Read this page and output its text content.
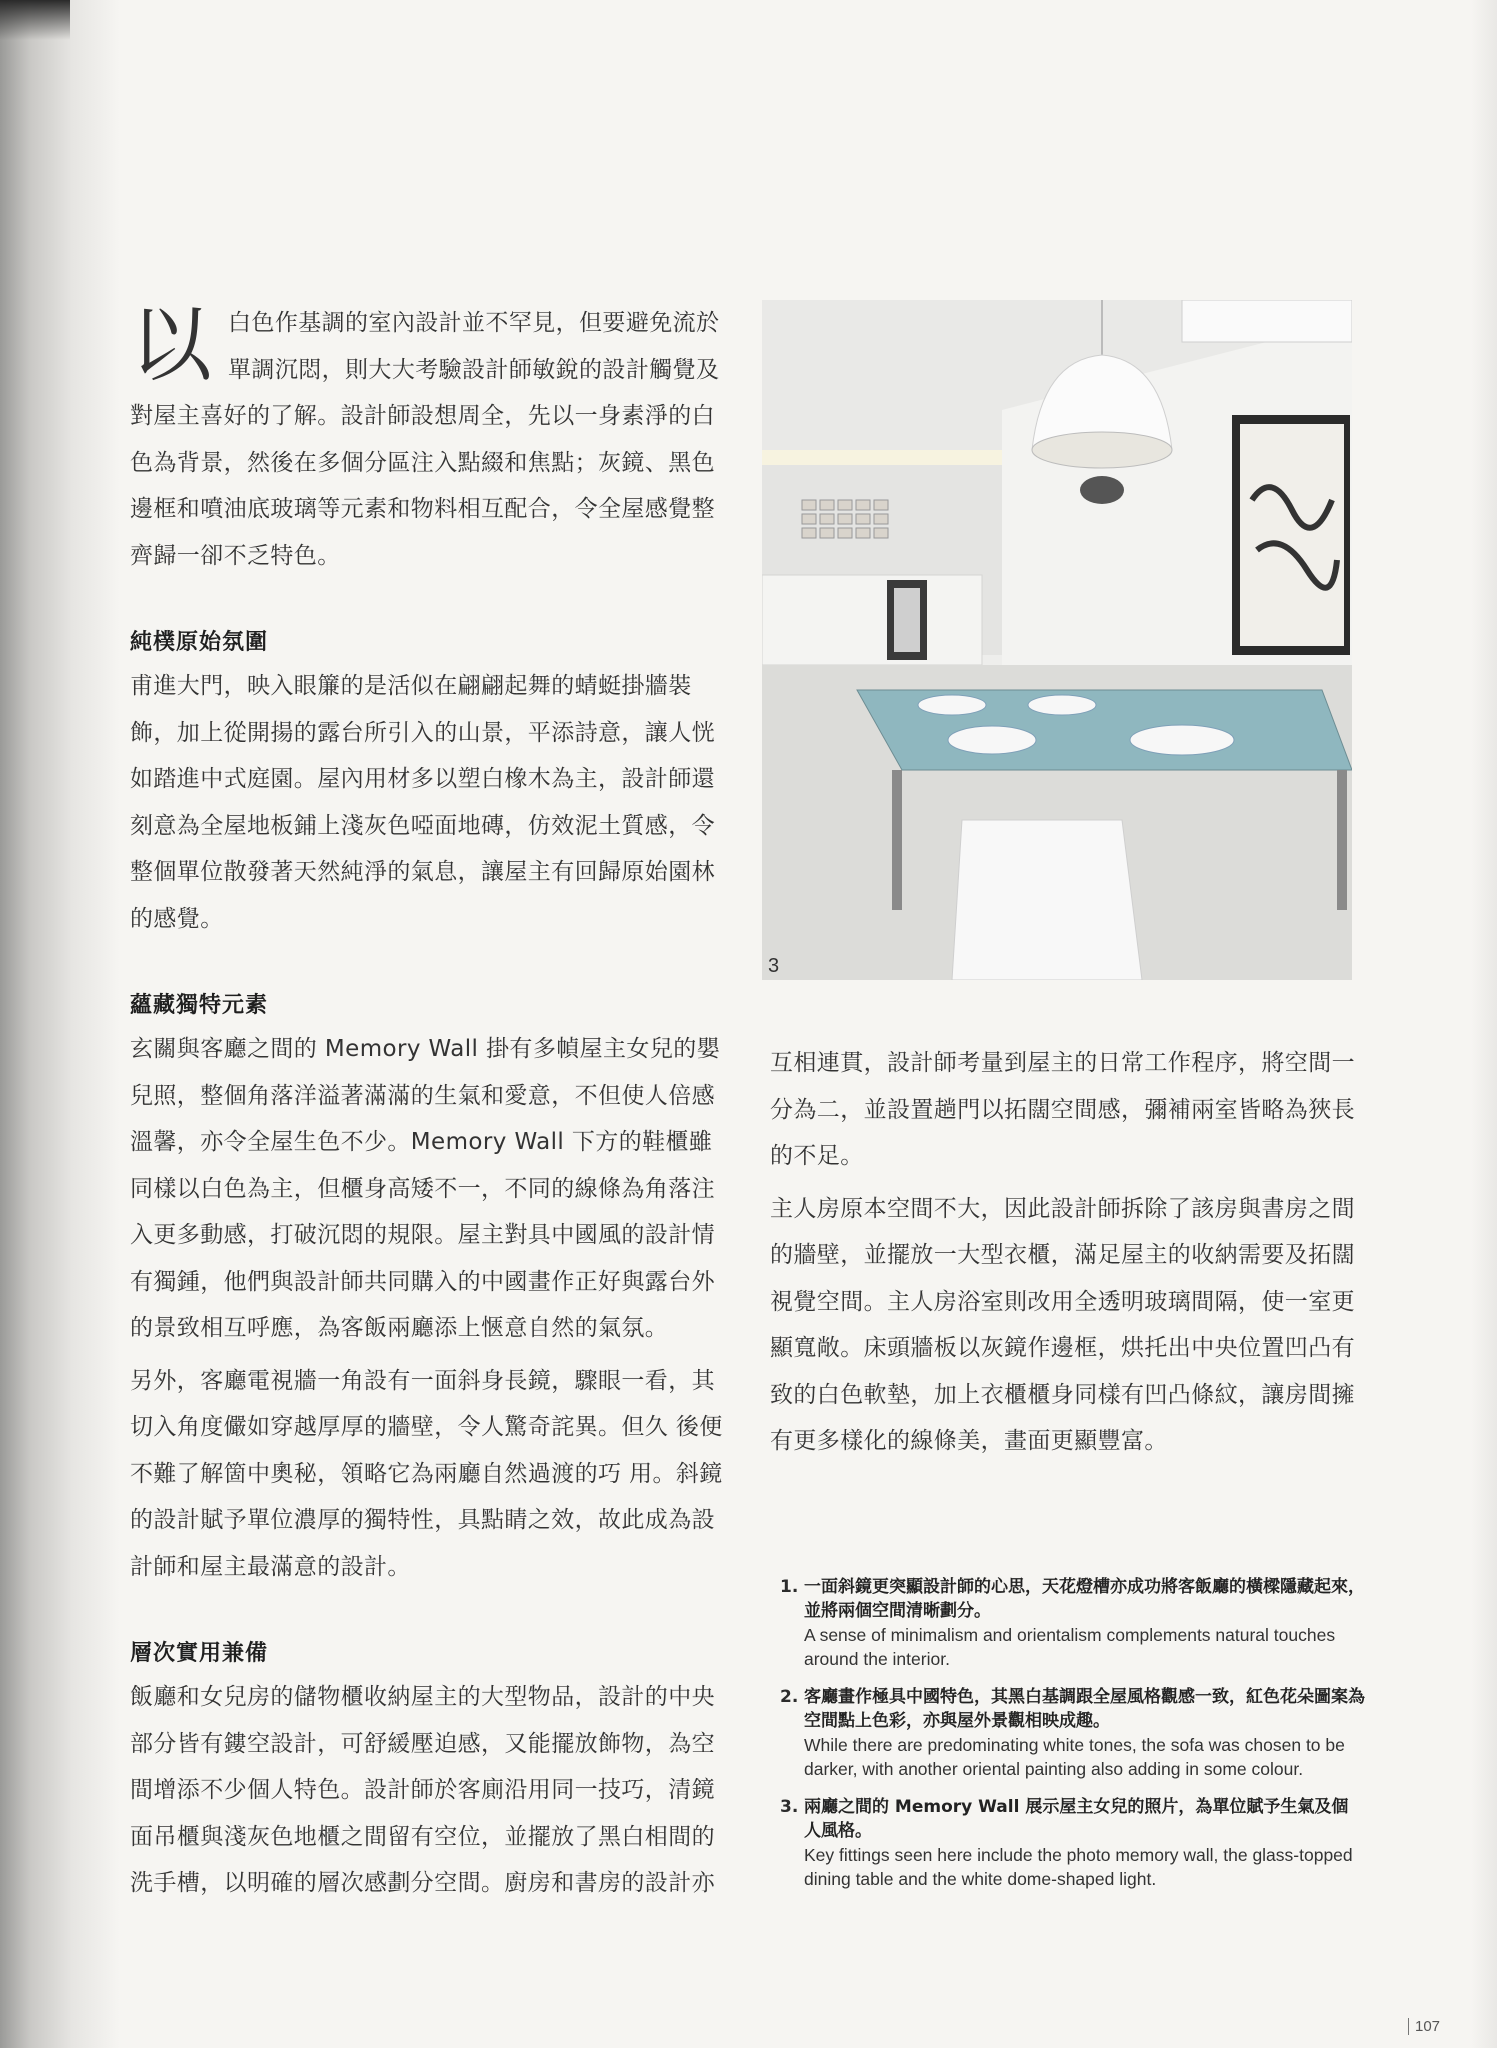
以 白色作基調的室內設計並不罕見，但要避免流於單調沉悶，則大大考驗設計師敏銳的設計觸覺及對屋主喜好的了解。設計師設想周全，先以一身素淨的白色為背景，然後在多個分區注入點綴和焦點；灰鏡、黑色邊框和噴油底玻璃等元素和物料相互配合，令全屋感覺整齊歸一卻不乏特色。

純樸原始氛圍

甫進大門，映入眼簾的是活似在翩翩起舞的蜻蜓掛牆裝飾，加上從開揚的露台所引入的山景，平添詩意，讓人恍如踏進中式庭園。屋內用材多以塑白橡木為主，設計師還刻意為全屋地板鋪上淺灰色啞面地磚，仿效泥土質感，令整個單位散發著天然純淨的氣息，讓屋主有回歸原始園林的感覺。

蘊藏獨特元素

玄關與客廳之間的 Memory Wall 掛有多幀屋主女兒的嬰兒照，整個角落洋溢著滿滿的生氣和愛意，不但使人倍感溫馨，亦令全屋生色不少。Memory Wall 下方的鞋櫃雖同樣以白色為主，但櫃身高矮不一，不同的線條為角落注入更多動感，打破沉悶的規限。屋主對具中國風的設計情有獨鍾，他們與設計師共同購入的中國畫作正好與露台外的景致相互呼應，為客飯兩廳添上愜意自然的氣氛。

另外，客廳電視牆一角設有一面斜身長鏡，驟眼一看，其切入角度儼如穿越厚厚的牆壁，令人驚奇詫異。但久 後便不難了解箇中奧秘，領略它為兩廳自然過渡的巧 用。斜鏡的設計賦予單位濃厚的獨特性，具點睛之效，故此成為設計師和屋主最滿意的設計。

層次實用兼備

飯廳和女兒房的儲物櫃收納屋主的大型物品，設計的中央部分皆有鏤空設計，可舒緩壓迫感，又能擺放飾物，為空間增添不少個人特色。設計師於客廁沿用同一技巧，清鏡面吊櫃與淺灰色地櫃之間留有空位，並擺放了黑白相間的洗手槽，以明確的層次感劃分空間。廚房和書房的設計亦

3

互相連貫，設計師考量到屋主的日常工作程序，將空間一分為二，並設置趟門以拓闊空間感，彌補兩室皆略為狹長的不足。

主人房原本空間不大，因此設計師拆除了該房與書房之間的牆壁，並擺放一大型衣櫃，滿足屋主的收納需要及拓闊視覺空間。主人房浴室則改用全透明玻璃間隔，使一室更顯寬敞。床頭牆板以灰鏡作邊框，烘托出中央位置凹凸有致的白色軟墊，加上衣櫃櫃身同樣有凹凸條紋，讓房間擁有更多樣化的線條美，畫面更顯豐富。

1. 一面斜鏡更突顯設計師的心思，天花燈槽亦成功將客飯廳的橫樑隱藏起來，並將兩個空間清晰劃分。
A sense of minimalism and orientalism complements natural touches around the interior.
2. 客廳畫作極具中國特色，其黑白基調跟全屋風格觀感一致，紅色花朵圖案為空間點上色彩，亦與屋外景觀相映成趣。
While there are predominating white tones, the sofa was chosen to be darker, with another oriental painting also adding in some colour.
3. 兩廳之間的 Memory Wall 展示屋主女兒的照片，為單位賦予生氣及個人風格。
Key fittings seen here include the photo memory wall, the glass-topped dining table and the white dome-shaped light.
107
